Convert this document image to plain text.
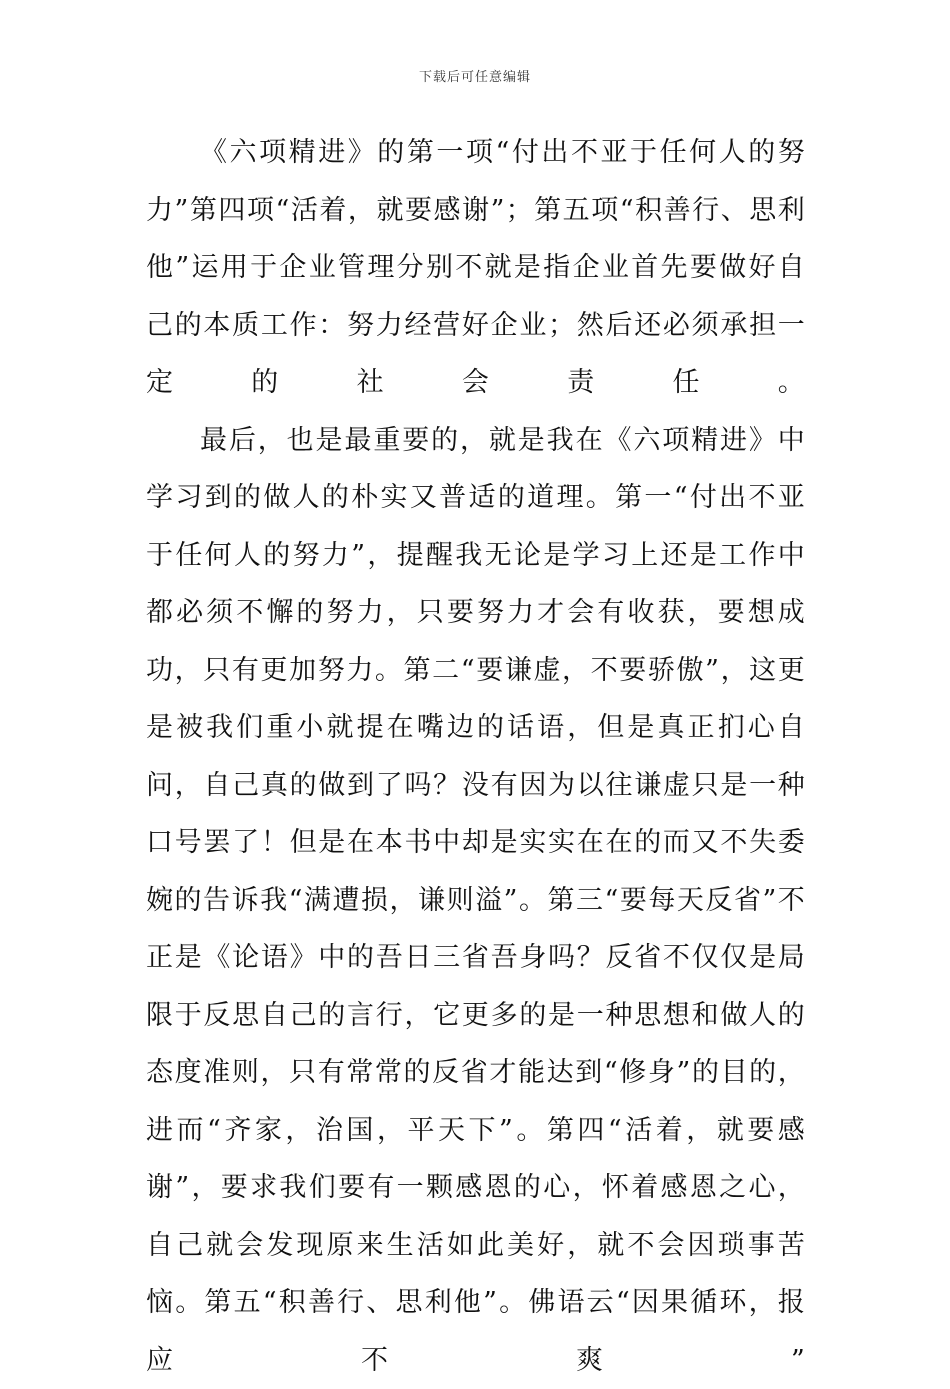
下载后可任意编辑

《六项精进》的第一项“付出不亚于任何人的努力”第四项“活着，就要感谢”；第五项“积善行、思利他”运用于企业管理分别不就是指企业首先要做好自己的本质工作：努力经营好企业；然后还必须承担一定的社会责任。

最后，也是最重要的，就是我在《六项精进》中学习到的做人的朴实又普适的道理。第一“付出不亚于任何人的努力”，提醒我无论是学习上还是工作中都必须不懈的努力，只要努力才会有收获，要想成功，只有更加努力。第二“要谦虚，不要骄傲”，这更是被我们重小就提在嘴边的话语，但是真正扪心自问，自己真的做到了吗？没有因为以往谦虚只是一种口号罢了！但是在本书中却是实实在在的而又不失委婉的告诉我“满遭损，谦则溢”。第三“要每天反省”不正是《论语》中的吾日三省吾身吗？反省不仅仅是局限于反思自己的言行，它更多的是一种思想和做人的态度准则，只有常常的反省才能达到“修身”的目的，进而“齐家，治国，平天下”。第四“活着，就要感谢”，要求我们要有一颗感恩的心，怀着感恩之心，自己就会发现原来生活如此美好，就不会因琐事苦恼。第五“积善行、思利他”。佛语云“因果循环，报应不爽”
